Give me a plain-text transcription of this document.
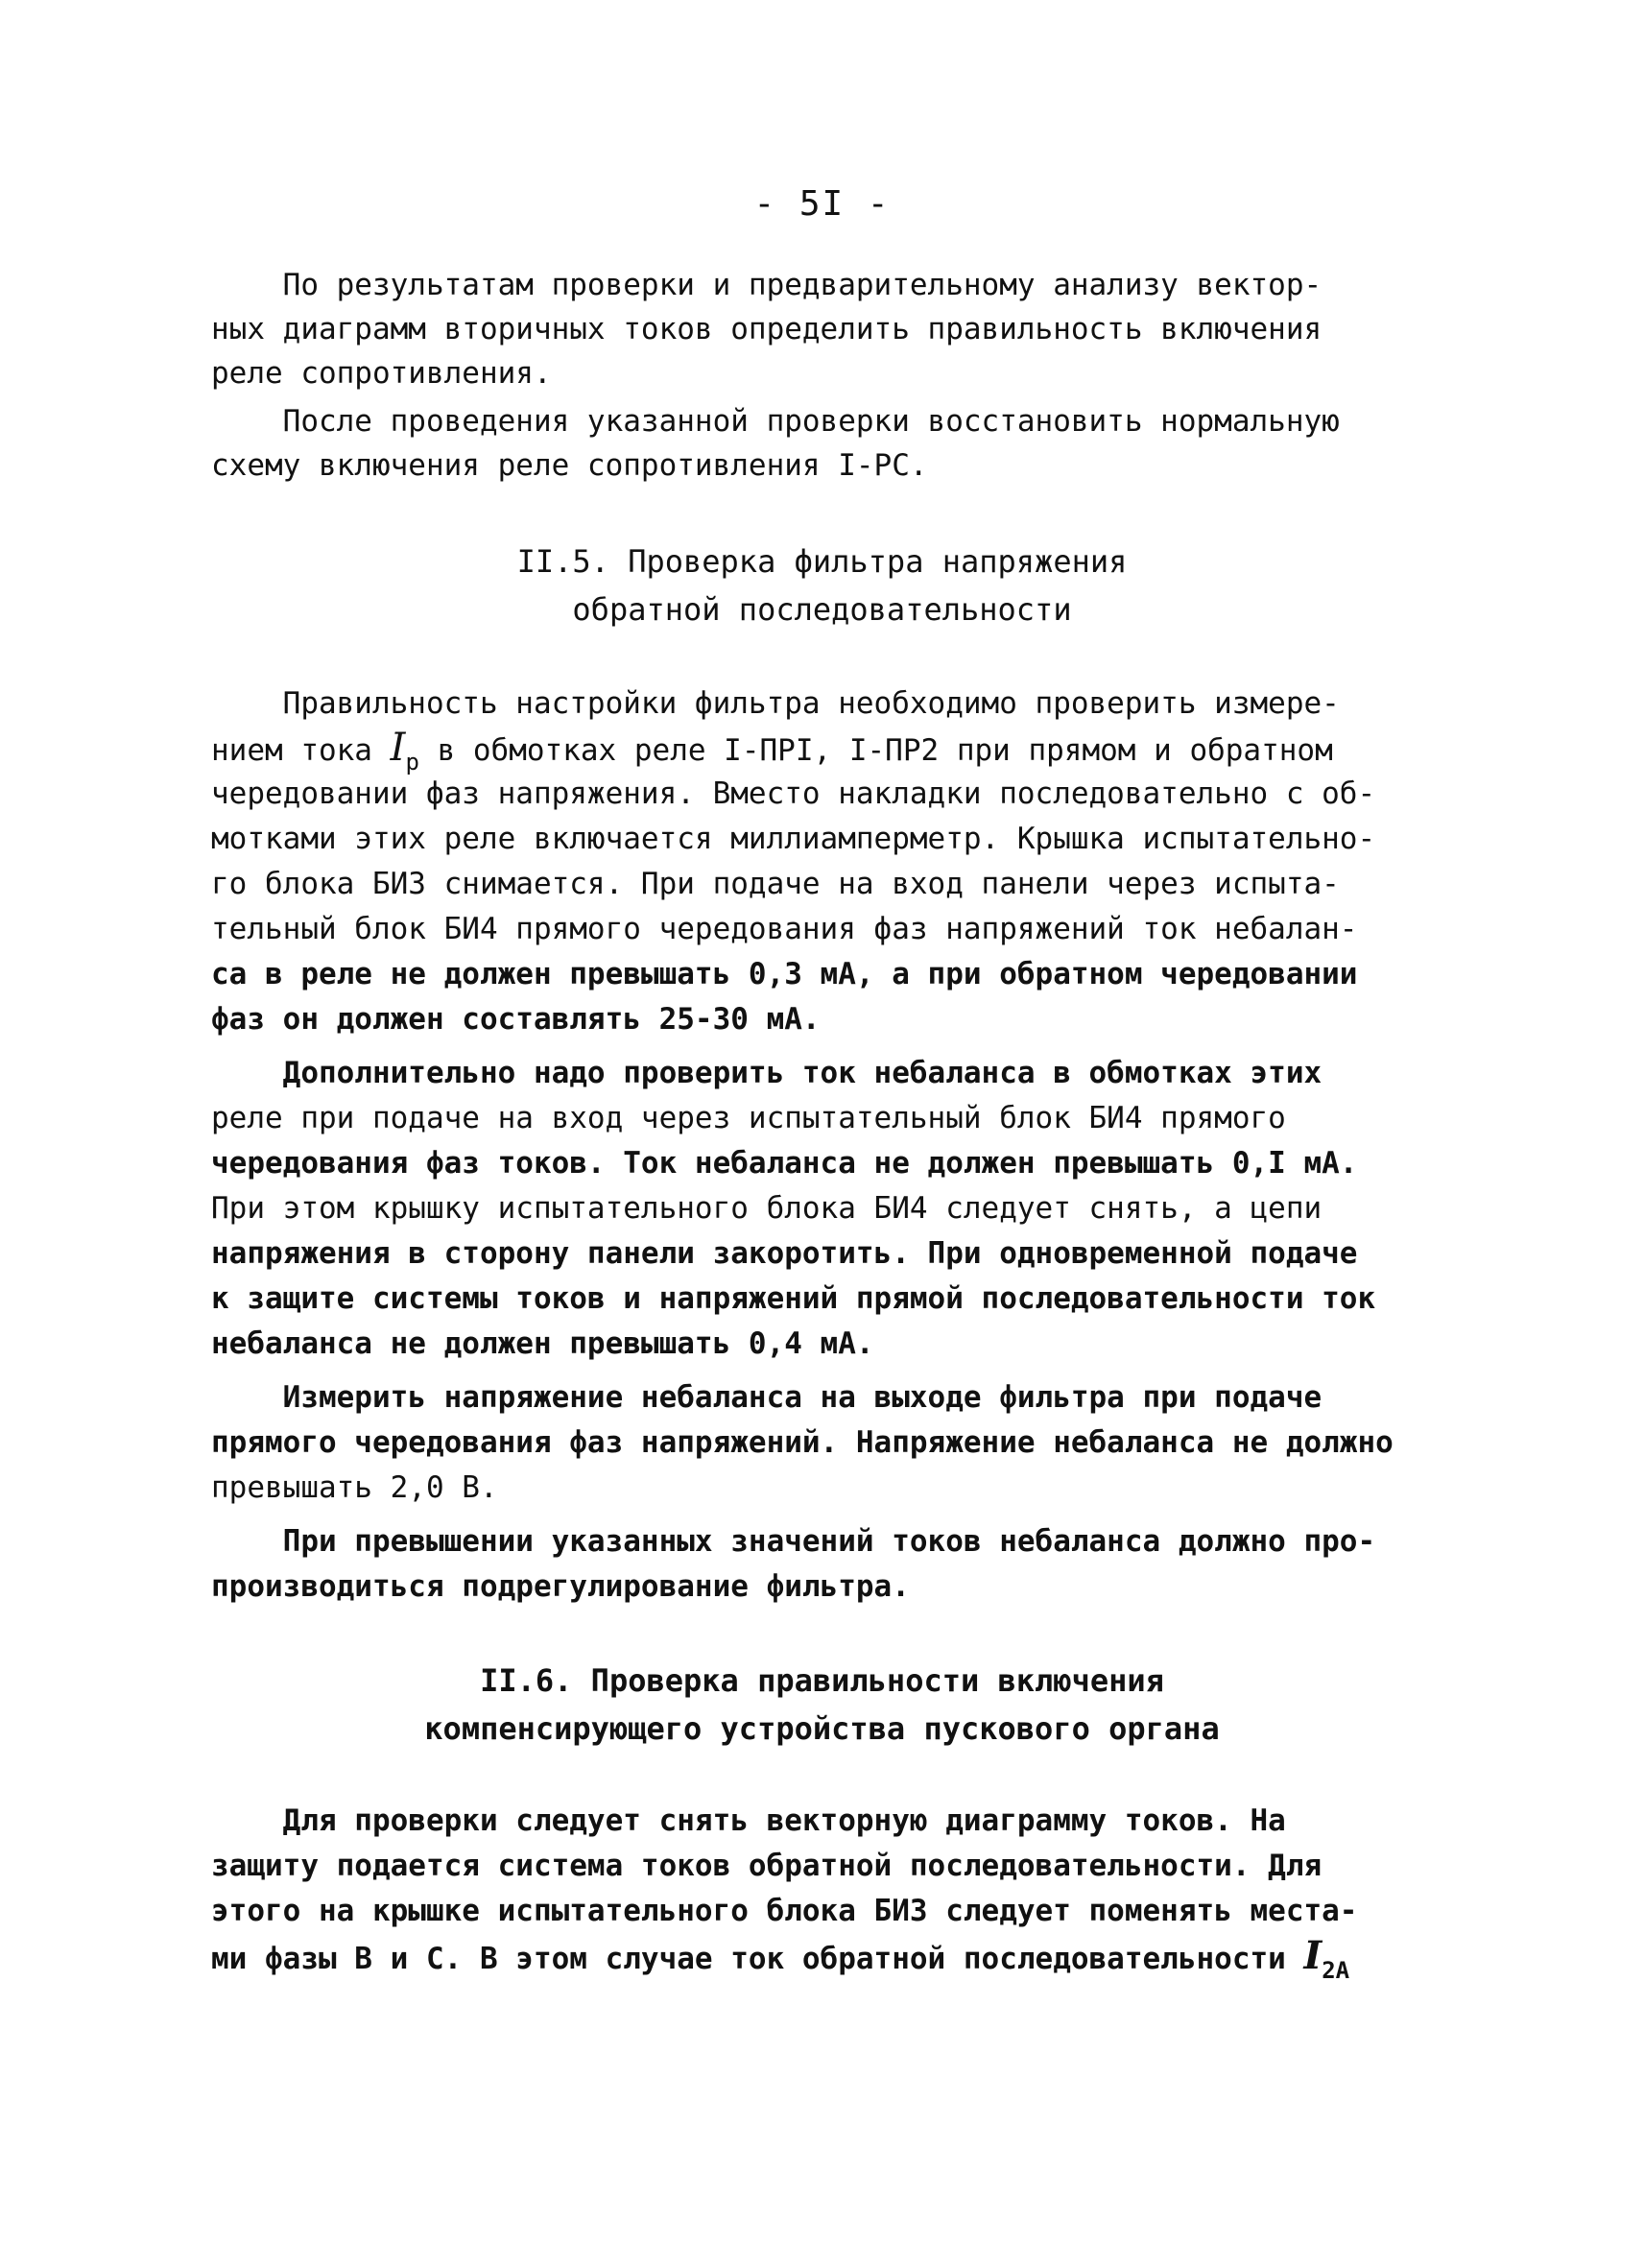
- 5I -
По результатам проверки и предварительному анализу вектор-
ных диаграмм вторичных токов определить правильность включения
реле сопротивления.
После проведения указанной проверки восстановить нормальную
схему включения реле сопротивления I-PC.
II.5. Проверка фильтра напряжения
обратной последовательности
Правильность настройки фильтра необходимо проверить измере-
нием тока $I_р$ в обмотках реле I-ПРI, I-ПР2 при прямом и обратном
чередовании фаз напряжения. Вместо накладки последовательно с об-
мотками этих реле включается миллиамперметр. Крышка испытательно-
го блока БИЗ снимается. При подаче на вход панели через испыта-
тельный блок БИ4 прямого чередования фаз напряжений ток небалан-
са в реле не должен превышать 0,3 мА, а при обратном чередовании
фаз он должен составлять 25-30 мА.
Дополнительно надо проверить ток небаланса в обмотках этих
реле при подаче на вход через испытательный блок БИ4 прямого
чередования фаз токов. Ток небаланса не должен превышать 0,I мА.
При этом крышку испытательного блока БИ4 следует снять, а цепи
напряжения в сторону панели закоротить. При одновременной подаче
к защите системы токов и напряжений прямой последовательности ток
небаланса не должен превышать 0,4 мА.
Измерить напряжение небаланса на выходе фильтра при подаче
прямого чередования фаз напряжений. Напряжение небаланса не должно
превышать 2,0 В.
При превышении указанных значений токов небаланса должно про-
производиться подрегулирование фильтра.
II.6. Проверка правильности включения
компенсирующего устройства пускового органа
Для проверки следует снять векторную диаграмму токов. На
защиту подается система токов обратной последовательности. Для
этого на крышке испытательного блока БИЗ следует поменять места-
ми фазы В и С. В этом случае ток обратной последовательности $I_{2А}$
